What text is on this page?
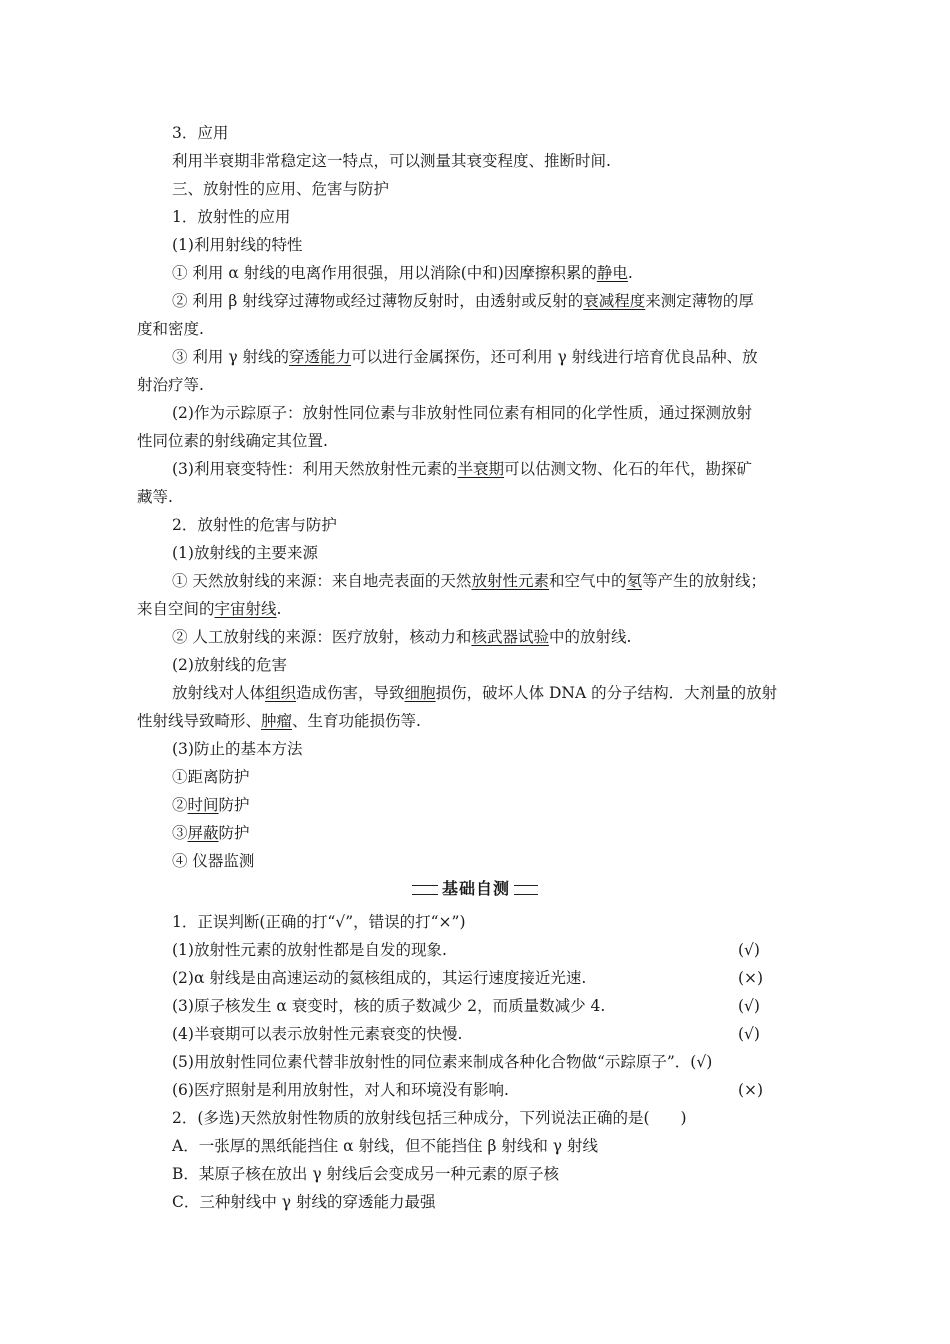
3．应用
利用半衰期非常稳定这一特点，可以测量其衰变程度、推断时间.
三、放射性的应用、危害与防护
1．放射性的应用
(1)利用射线的特性
① 利用 α 射线的电离作用很强，用以消除(中和)因摩擦积累的静电.
② 利用 β 射线穿过薄物或经过薄物反射时，由透射或反射的衰减程度来测定薄物的厚
度和密度.
③ 利用 γ 射线的穿透能力可以进行金属探伤，还可利用 γ 射线进行培育优良品种、放
射治疗等.
(2)作为示踪原子：放射性同位素与非放射性同位素有相同的化学性质，通过探测放射
性同位素的射线确定其位置.
(3)利用衰变特性：利用天然放射性元素的半衰期可以估测文物、化石的年代，勘探矿
藏等.
2．放射性的危害与防护
(1)放射线的主要来源
① 天然放射线的来源：来自地壳表面的天然放射性元素和空气中的氡等产生的放射线；
来自空间的宇宙射线.
② 人工放射线的来源：医疗放射，核动力和核武器试验中的放射线.
(2)放射线的危害
放射线对人体组织造成伤害，导致细胞损伤，破坏人体 DNA 的分子结构．大剂量的放射
性射线导致畸形、肿瘤、生育功能损伤等.
(3)防止的基本方法
①距离防护
②时间防护
③屏蔽防护
④ 仪器监测
基础自测
1．正误判断(正确的打“√”，错误的打“×”)
(1)放射性元素的放射性都是自发的现象.	(√)
(2)α 射线是由高速运动的氦核组成的，其运行速度接近光速.	(×)
(3)原子核发生 α 衰变时，核的质子数减少 2，而质量数减少 4.	(√)
(4)半衰期可以表示放射性元素衰变的快慢.	(√)
(5)用放射性同位素代替非放射性的同位素来制成各种化合物做“示踪原子”．(√)
(6)医疗照射是利用放射性，对人和环境没有影响.	(×)
2．(多选)天然放射性物质的放射线包括三种成分，下列说法正确的是(　　)
A．一张厚的黑纸能挡住 α 射线，但不能挡住 β 射线和 γ 射线
B．某原子核在放出 γ 射线后会变成另一种元素的原子核
C．三种射线中 γ 射线的穿透能力最强
